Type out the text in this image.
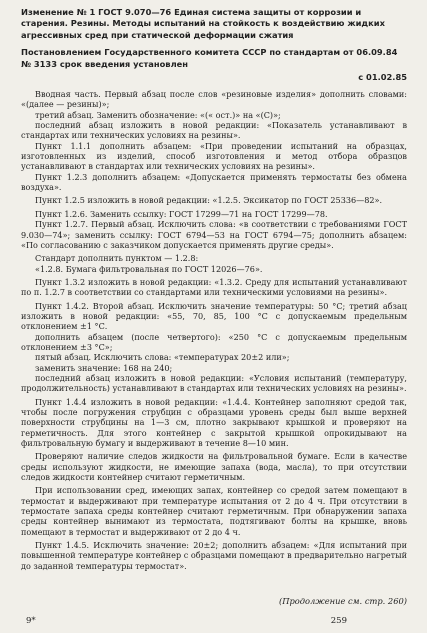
Изменение № 1 ГОСТ 9.070—76 Единая система защиты от коррозии и старения. Резины. Методы испытаний на стойкость к воздействию жидких агрессивных сред при статической деформации сжатия

Постановлением Государственного комитета СССР по стандартам от 06.09.84 № 3133 срок введения установлен

с 01.02.85

Вводная часть. Первый абзац после слов «резиновые изделия» дополнить словами: «(далее — резины)»;

третий абзац. Заменить обозначение: «(« ост.)» на «(С)»;

последний абзац изложить в новой редакции: «Показатель устанавливают в стандартах или технических условиях на резины».

Пункт 1.1.1 дополнить абзацем: «При проведении испытаний на образцах, изготовленных из изделий, способ изготовления и метод отбора образцов устанавливают в стандартах или технических условиях на резины».

Пункт 1.2.3 дополнить абзацем: «Допускается применять термостаты без обмена воздуха».

Пункт 1.2.5 изложить в новой редакции: «1.2.5. Эксикатор по ГОСТ 25336—82».

Пункт 1.2.6. Заменить ссылку: ГОСТ 17299—71 на ГОСТ 17299—78.

Пункт 1.2.7. Первый абзац. Исключить слова: «в соответствии с требованиями ГОСТ 9.030—74»; заменить ссылку: ГОСТ 6794—53 на ГОСТ 6794—75; дополнить абзацем: «По согласованию с заказчиком допускается применять другие среды».

Стандарт дополнить пунктом — 1.2.8:

«1.2.8. Бумага фильтровальная по ГОСТ 12026—76».

Пункт 1.3.2 изложить в новой редакции: «1.3.2. Среду для испытаний устанавливают по п. 1.2.7 в соответствии со стандартами или техническими условиями на резины».

Пункт 1.4.2. Второй абзац. Исключить значение температуры: 50 °С; третий абзац изложить в новой редакции: «55, 70, 85, 100 °С с допускаемым предельным отклонением ±1 °С.

дополнить абзацем (после четвертого): «250 °С с допускаемым предельным отклонением ±3 °С»;

пятый абзац. Исключить слова: «температурах 20±2 или»;

заменить значение: 168 на 240;

последний абзац изложить в новой редакции: «Условия испытаний (температуру, продолжительность) устанавливают в стандартах или технических условиях на резины».

Пункт 1.4.4 изложить в новой редакции: «1.4.4. Контейнер заполняют средой так, чтобы после погружения струбцин с образцами уровень среды был выше верхней поверхности струбцины на 1—3 см, плотно закрывают крышкой и проверяют на герметичность. Для этого контейнер с закрытой крышкой опрокидывают на фильтровальную бумагу и выдерживают в течение 8—10 мин.

Проверяют наличие следов жидкости на фильтровальной бумаге. Если в качестве среды используют жидкости, не имеющие запаха (вода, масла), то при отсутствии следов жидкости контейнер считают герметичным.

При использовании сред, имеющих запах, контейнер со средой затем помещают в термостат и выдерживают при температуре испытания от 2 до 4 ч. При отсутствии в термостате запаха среды контейнер считают герметичным. При обнаружении запаха среды контейнер вынимают из термостата, подтягивают болты на крышке, вновь помещают в термостат и выдерживают от 2 до 4 ч.

Пункт 1.4.5. Исключить значение: 20±2; дополнить абзацем: «Для испытаний при повышенной температуре контейнер с образцами помещают в предварительно нагретый до заданной температуры термостат».

(Продолжение см. стр. 260)
9*	259
